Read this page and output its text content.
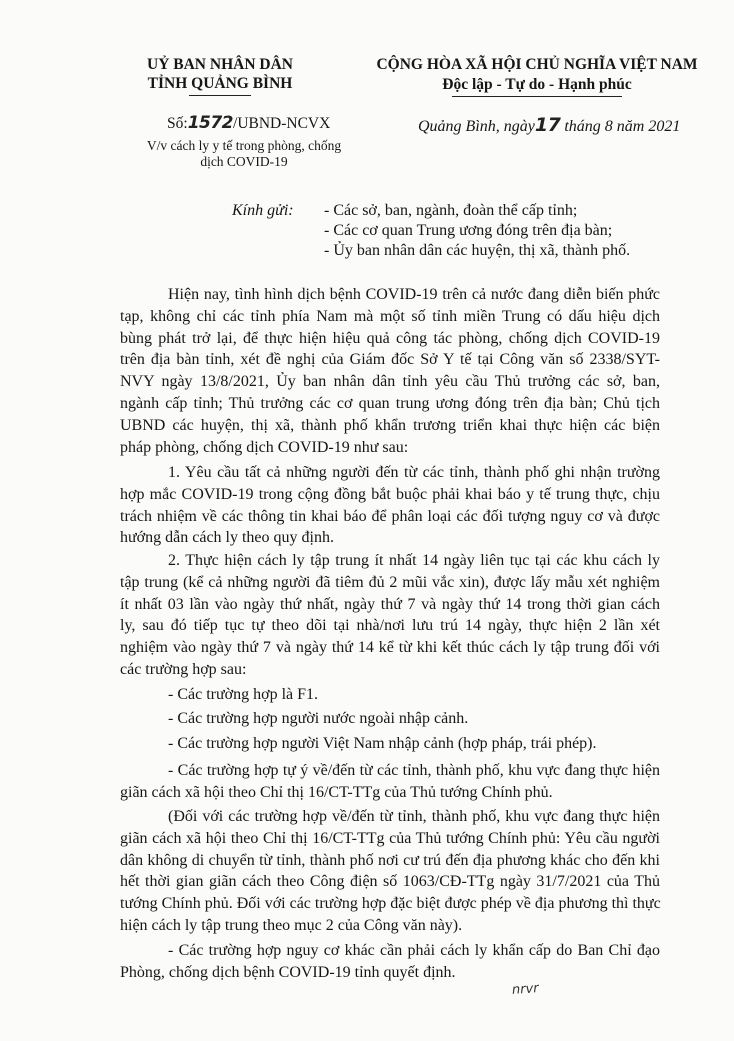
UỶ BAN NHÂN DÂN
TỈNH QUẢNG BÌNH
CỘNG HÒA XÃ HỘI CHỦ NGHĨA VIỆT NAM
Độc lập - Tự do - Hạnh phúc
Số:1572/UBND-NCVX
V/v cách ly y tế trong phòng, chống
dịch COVID-19
Quảng Bình, ngày17 tháng 8 năm 2021
Kính gửi: - Các sở, ban, ngành, đoàn thể cấp tỉnh;
- Các cơ quan Trung ương đóng trên địa bàn;
- Ủy ban nhân dân các huyện, thị xã, thành phố.
Hiện nay, tình hình dịch bệnh COVID-19 trên cả nước đang diễn biến phức
tạp, không chỉ các tỉnh phía Nam mà một số tỉnh miền Trung có dấu hiệu dịch
bùng phát trở lại, để thực hiện hiệu quả công tác phòng, chống dịch COVID-19
trên địa bàn tỉnh, xét đề nghị của Giám đốc Sở Y tế tại Công văn số 2338/SYT-
NVY ngày 13/8/2021, Ủy ban nhân dân tỉnh yêu cầu Thủ trưởng các sở, ban,
ngành cấp tỉnh; Thủ trưởng các cơ quan trung ương đóng trên địa bàn; Chủ tịch
UBND các huyện, thị xã, thành phố khẩn trương triển khai thực hiện các biện
pháp phòng, chống dịch COVID-19 như sau:
1. Yêu cầu tất cả những người đến từ các tỉnh, thành phố ghi nhận trường
hợp mắc COVID-19 trong cộng đồng bắt buộc phải khai báo y tế trung thực, chịu
trách nhiệm về các thông tin khai báo để phân loại các đối tượng nguy cơ và được
hướng dẫn cách ly theo quy định.
2. Thực hiện cách ly tập trung ít nhất 14 ngày liên tục tại các khu cách ly
tập trung (kể cả những người đã tiêm đủ 2 mũi vắc xin), được lấy mẫu xét nghiệm
ít nhất 03 lần vào ngày thứ nhất, ngày thứ 7 và ngày thứ 14 trong thời gian cách
ly, sau đó tiếp tục tự theo dõi tại nhà/nơi lưu trú 14 ngày, thực hiện 2 lần xét
nghiệm vào ngày thứ 7 và ngày thứ 14 kể từ khi kết thúc cách ly tập trung đối với
các trường hợp sau:
- Các trường hợp là F1.
- Các trường hợp người nước ngoài nhập cảnh.
- Các trường hợp người Việt Nam nhập cảnh (hợp pháp, trái phép).
- Các trường hợp tự ý về/đến từ các tỉnh, thành phố, khu vực đang thực hiện
giãn cách xã hội theo Chỉ thị 16/CT-TTg của Thủ tướng Chính phủ.
(Đối với các trường hợp về/đến từ tỉnh, thành phố, khu vực đang thực hiện
giãn cách xã hội theo Chỉ thị 16/CT-TTg của Thủ tướng Chính phủ: Yêu cầu người
dân không di chuyển từ tỉnh, thành phố nơi cư trú đến địa phương khác cho đến khi
hết thời gian giãn cách theo Công điện số 1063/CĐ-TTg ngày 31/7/2021 của Thủ
tướng Chính phủ. Đối với các trường hợp đặc biệt được phép về địa phương thì thực
hiện cách ly tập trung theo mục 2 của Công văn này).
- Các trường hợp nguy cơ khác cần phải cách ly khẩn cấp do Ban Chỉ đạo
Phòng, chống dịch bệnh COVID-19 tỉnh quyết định.
nrvr
